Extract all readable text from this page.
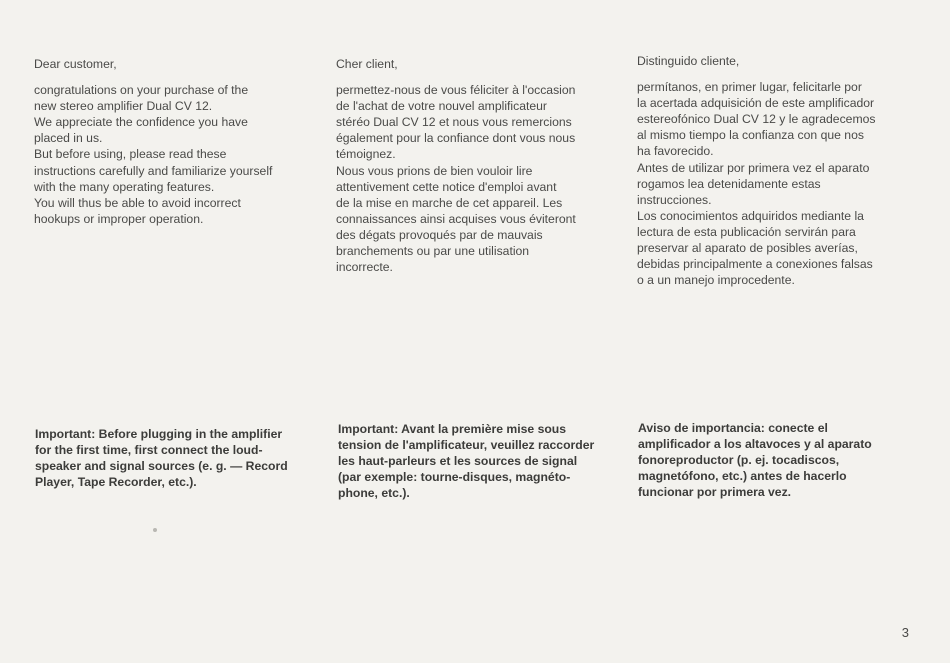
Dear customer,
congratulations on your purchase of the
new stereo amplifier Dual CV 12.
We appreciate the confidence you have
placed in us.
But before using, please read these
instructions carefully and familiarize yourself
with the many operating features.
You will thus be able to avoid incorrect
hookups or improper operation.
Cher client,
permettez-nous de vous féliciter à l'occasion
de l'achat de votre nouvel amplificateur
stéréo Dual CV 12 et nous vous remercions
également pour la confiance dont vous nous
témoignez.
Nous vous prions de bien vouloir lire
attentivement cette notice d'emploi avant
de la mise en marche de cet appareil. Les
connaissances ainsi acquises vous éviteront
des dégats provoqués par de mauvais
branchements ou par une utilisation
incorrecte.
Distinguido cliente,
permítanos, en primer lugar, felicitarle por
la acertada adquisición de este amplificador
estereofónico Dual CV 12 y le agradecemos
al mismo tiempo la confianza con que nos
ha favorecido.
Antes de utilizar por primera vez el aparato
rogamos lea detenidamente estas
instrucciones.
Los conocimientos adquiridos mediante la
lectura de esta publicación servirán para
preservar al aparato de posibles averías,
debidas principalmente a conexiones falsas
o a un manejo improcedente.
Important: Before plugging in the amplifier
for the first time, first connect the loud-
speaker and signal sources (e. g. — Record
Player, Tape Recorder, etc.).
Important: Avant la première mise sous
tension de l'amplificateur, veuillez raccorder
les haut-parleurs et les sources de signal
(par exemple: tourne-disques, magnéto-
phone, etc.).
Aviso de importancia: conecte el
amplificador a los altavoces y al aparato
fonoreproductor (p. ej. tocadiscos,
magnetófono, etc.) antes de hacerlo
funcionar por primera vez.
3
